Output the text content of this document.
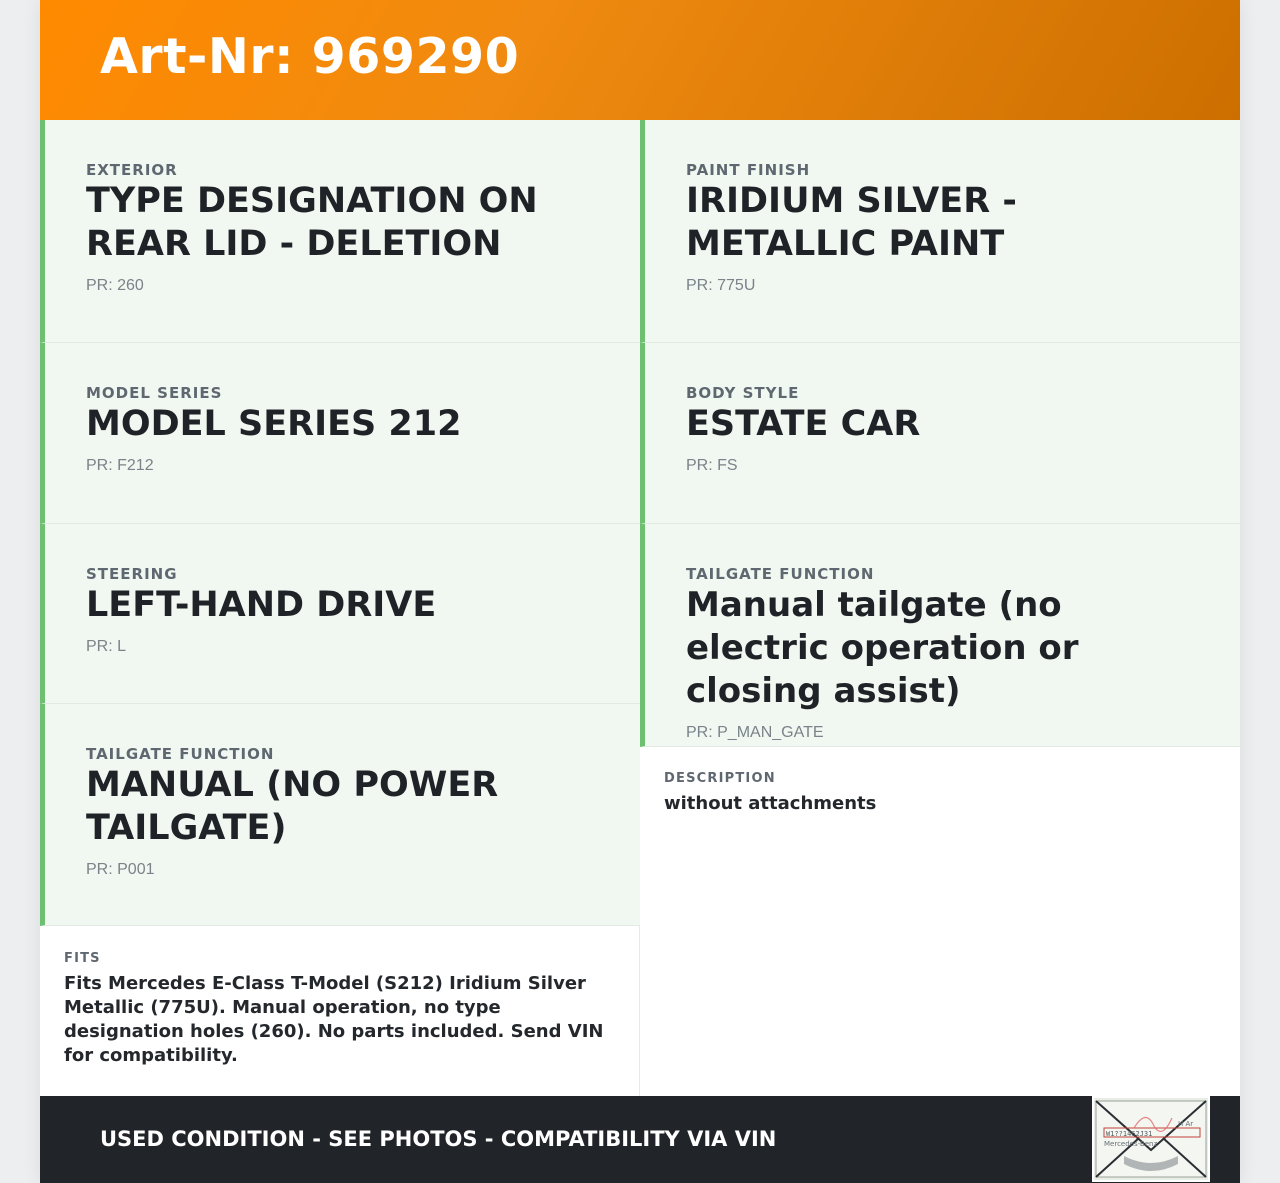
Art-Nr: 969290
EXTERIOR
TYPE DESIGNATION ON REAR LID - DELETION
PR: 260
MODEL SERIES
MODEL SERIES 212
PR: F212
STEERING
LEFT-HAND DRIVE
PR: L
TAILGATE FUNCTION
MANUAL (NO POWER TAILGATE)
PR: P001
PAINT FINISH
IRIDIUM SILVER - METALLIC PAINT
PR: 775U
BODY STYLE
ESTATE CAR
PR: FS
TAILGATE FUNCTION
Manual tailgate (no electric operation or closing assist)
PR: P_MAN_GATE
DESCRIPTION
without attachments
FITS
Fits Mercedes E-Class T-Model (S212) Iridium Silver Metallic (775U). Manual operation, no type designation holes (260). No parts included. Send VIN for compatibility.
USED CONDITION - SEE PHOTOS - COMPATIBILITY VIA VIN
H Ar
W1??1462J31
Mercedes-Benz
